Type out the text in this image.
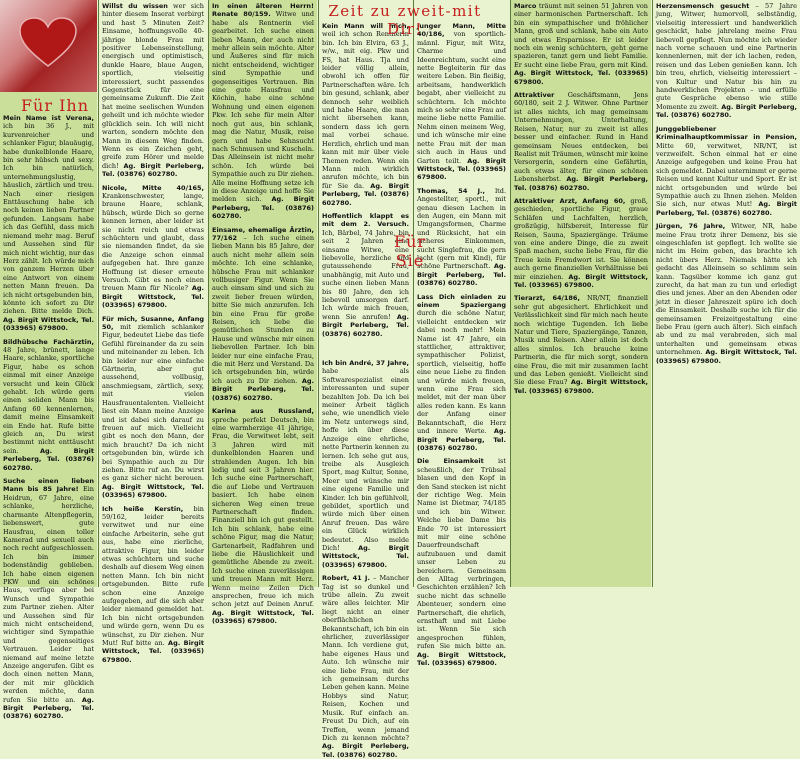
Mein Name ist Verena, ich bin 36 J., mit kurvenreicher und schlanker Figur, blauäugig, habe dunkelblonde Haare, bin sehr hübsch und sexy. Ich bin natürlich, unternehmungslustig, häuslich, zärtlich und treu. Nach einer riesigen Enttäuschung habe ich noch keinen lieben Partner gefunden. Langsam habe ich das Gefühl, dass mich niemand mehr mag. Beruf und Aussehen sind für mich nicht wichtig, nur das Herz zählt. Ich würde mich von ganzem Herzen über eine Antwort von einem netten Mann freuen. Da ich nicht ortsgebunden bin, könnte ich sofort zu Dir ziehen. Bitte melde Dich. Ag. Birgit Wittstock, Tel. (033965) 679800.
Bildhübsche Fachärztin, 48 Jahre, brünett, lange Haare, schlanke, sportliche Figur, habe es schon einmal mit einer Anzeige versucht und kein Glück gehabt. Ich würde gern einen soliden Mann bis Anfang 60 kennenlernen, damit meine Einsamkeit ein Ende hat. Rufe bitte gleich an, Du wirst bestimmt nicht enttäuscht sein. Ag. Birgit Perleberg, Tel. (03876) 602780.
Suche einen lieben Mann bis 85 Jahre! Ein Heidrun, 67 Jahre, eine schlanke, herzliche, charmante Altenpflegerin, liebenswert, gute Hausfrau, einen toller Kamerad und sexuell auch noch recht aufgeschlossen. Ich bin immer bodenständig geblieben. Ich habe einen eigenen PKW und ein schönes Haus, verfüge aber bei Wunsch und Sympathie zum Partner ziehen. Alter und Aussehen sind für mich nicht entscheidend, wichtiger sind Sympathie und gegenseitiges Vertrauen. Leider hat niemand auf meine letzte Anzeige angerufen. Gibt es doch einen netten Mann, der mit mir glücklich werden möchte, dann rufen Sie bitte an. Ag. Birgit Perleberg, Tel. (03876) 602780.
Für Ihn
Willst du wissen wer sich hinter diesem Inserat verbirgt und hast 5 Minuten Zeit? Einsame, hoffnungsvolle 40-jährige blonde Frau mit positiver Lebenseinstellung, energisch und optimistisch, dunkle Haare, blaue Augen, sportlich, vielseitig interessiert, sucht passendes Gegenstück für eine gemeinsame Zukunft. Die Zeit hat meine seelischen Wunden geheilt und ich möchte wieder glücklich sein. Ich will nicht warten, sondern möchte den Mann in diesem Weg finden. Wenn es ein Zeichen geht, greife zum Hörer und melde dich! Ag. Birgit Perleberg, Tel. (03876) 602780.
Nicole, Mitte 40/165, Krankenschwester, lange, braune Haare, schlank, hübsch, würde Dich so gerne kennen lernen, aber leider ist sie nicht reich und etwas schüchtern und glaubt, dass sie niemanden findet, da sie die Anzeige schon einmal aufgegeben hat. Ihre ganze Hoffnung ist dieser erneute Versuch. Gibt es noch einen treuen Mann für Nicole? Ag. Birgit Wittstock, Tel. (033965) 679800.
Für mich, Susanne, Anfang 50, mit ziemlich schlanker Figur, bedeutet Liebe das tiefe Gefühl füreinander da zu sein und miteinander zu leben. Ich bin leider nur eine einfache Gärtnerin, aber gut aussehend, vollbusig, anschmiegsam, zärtlich, sexy, mit vielen Hausfrauentalenten. Vielleicht liest ein Mann meine Anzeige und ist dabei sich darauf zu freuen auf mich. Vielleicht gibt es noch den Mann, der mich braucht? Da ich nicht ortsgebunden bin, würde ich bei Sympathie auch zu Dir ziehen. Bitte ruf an. Du wirst es ganz sicher nicht bereuen. Ag. Birgit Wittstock, Tel. (033965) 679800.
Ich heiße Kerstin, bin 59/162, leider bereits verwitwet und nur eine einfache Arbeiterin, sehe gut aus, habe eine zierliche, attraktive Figur, bin leider etwas schüchtern und suche deshalb auf diesem Weg einen netten Mann. Ich bin nicht ortsgebunden. Bitte rufe schon eine Anzeige aufgegeben, auf die sich aber leider niemand gemeldet hat. Ich bin nicht ortsgebunden und würde gern, wenn Du es wünschst, zu Dir ziehen. Nur Mut! Ruf bitte an. Ag. Birgit Wittstock, Tel. (033965) 679800.
In einen älteren Herrn! Renate 80/159. Witwe und habe als Rentnerin viel gearbeitet. Ich suche einen lieben Mann, der auch nicht mehr allein sein möchte. Alter und Äußeres sind für mich nicht entscheidend, wichtiger sind Sympathie und gegenseitiges Vertrauen. Bin eine gute Hausfrau und Köchin, habe eine schöne Wohnung und einen eigenen Pkw. Ich sehe für mein Alter noch gut aus, bin schlank, mag die Natur, Musik, reise gern und habe Sehnsucht nach Schmusen und Kuscheln. Das Alleinsein ist nicht mehr schön. Ich würde bei Sympathie auch zu Dir ziehen. Alle meine Hoffnung setze ich in diese Anzeige und hoffe Sie melden sich. Ag. Birgit Perleberg, Tel. (03876) 602780.
Einsame, ehemalige Ärztin, 77/162 – Ich suche einen lieben Mann bis 85 Jahre, der auch nicht mehr allein sein möchte. Ich eine schlanke, hübsche Frau mit schlanker vollbusiger Figur. Wenn Sie auch einsam sind und sich zu zweit lieber freuen würden, bitte Sie mich anzurufen. Ich bin eine Frau für große Reisen, ich liebe die gemütlichen Stunden zu Hause und wünsche mir einen liebevollen Partner. Ich bin leider nur eine einfache Frau, die mit Herz und Verstand. Da ich ortsgebunden bin, würde ich auch zu Dir ziehen. Ag. Birgit Perleberg, Tel. (03876) 602780.
Karina aus Russland, spreche perfekt Deutsch, bin eine warmherzige 41 jährige, Frau, die Verwitwet lebt, seit 3 Jahren wird mit dunkelblonden Haaren und strahlenden Augen. Ich bin ledig und seit 3 Jahren hier. Ich suche eine Partnerschaft, die auf Liebe und Vertrauen basiert. Ich habe einen sicheren Weg einen treue Partnerschaft finden. Finanziell bin ich gut gestellt. Ich bin schlank, habe eine schöne Figur, mag die Natur, Gartenarbeit, Radfahren und liebe die Häuslichkeit und gemütliche Abende zu zweit. Ich suche einen zuverlässigen und treuen Mann mit Herz. Wenn meine Zeilen Dich ansprechen, freue ich mich schon jetzt auf Deinen Anruf. Ag. Birgit Wittstock, Tel. (033965) 679800.
Kein Mann will mich, weil ich schon Rentnerin bin. Ich bin Elvira, 63 J., w/w., mit eig. Pkw und FS, hat Haus. Tja und leider völlig allein, obwohl ich offen für Partnerschaften wäre. Ich bin gesund, schlank, aber dennoch sehr weiblich und habe Haare, die man nicht übersehen kann, sondern dass ich gern mal vorbei schaue. Herzlich, ehrlich und man kann mit mir über viele Themen reden. Wenn ein Mann mich wirklich anrufen möchte, ich bin für Sie da. Ag. Birgit Perleberg, Tel. (03876) 602780.
Hoffentlich klappt es mit dem 2. Versuch. Ich, Bärbel, 74 Jahre, bin seit 2 Jahren eine einsame Witwe, eine liebevolle, herzliche und gutaussehende Frau, unabhängig, mit Auto und suche einen lieben Mann bis 80 Jahre, den ich liebevoll umsorgen darf. Ich würde mich freuen, wenn Sie anrufen! Ag. Birgit Perleberg, Tel. (03876) 602780.
Ich bin André, 37 Jahre, habe als Softwarespezialist einen interessanten und super bezahlten Job. Da ich bei meiner Arbeit täglich sehe, wie unendlich viele im Netz unterwegs sind, hoffe ich über diese Anzeige eine ehrliche, nette Partnerin kennen zu lernen. Ich sehe gut aus, treibe als Ausgleich Sport, mag Kultur, Sonne, Meer und wünsche mir eine eigene Familie und Kinder. Ich bin gefühlvoll, gebildet, sportlich und würde mich über einen Anruf freuen. Das wäre ein Glück wirklich bedeutet. Also melde Dich! Ag. Birgit Wittstock, Tel. (033965) 679800.
Robert, 41 J. – Mancher Tag ist so dunkel und trübe allein. Zu zweit wäre alles leichter. Mir liegt nicht an einer oberflächlichen Bekanntschaft, ich bin ein ehrlicher, zuverlässiger Mann. Ich verdiene gut, habe eigenes Haus und Auto. Ich wünsche mir eine liebe Frau, mit der ich gemeinsam durchs Leben gehen kann. Meine Hobbys sind Natur, Reisen, Kochen und Musik. Ruf einfach an. Freust Du Dich, auf ein Treffen, wenn jemand Dich zu kennen möchte? Ag. Birgit Perleberg, Tel. (03876) 602780.
Junger Mann, Mitte 40/186, von sportlich-männl. Figur, mit Witz, Charme und Ideenreichtum, sucht eine nette Begleiterin für das weitere Leben. Bin fleißig, arbeitsam, handwerklich begabt, aber vielleicht zu schüchtern. Ich möchte mich so sehr eine Frau auf meine liebe nette Familie. Nehm einen meinem Weg, und ich wünsche mir eine nette Frau mit der man sich auch in Haus und Garten teilt. Ag. Birgit Wittstock, Tel. (033965) 679800.
Thomas, 54 J., ltd. Angestellter, sportl., mit genau diesen Lachen in den Augen, ein Mann mit Umgangsformen, Charme und Rücksicht, hat ein sicheres Einkommen, sucht Singlefrau, die gern lacht (gern mit Kind), für schöne Partnerschaft. Ag. Birgit Perleberg, Tel. (03876) 602780.
Lass Dich einladen zu einem Spaziergang durch die schöne Natur, vielleicht entdecken wir dabei noch mehr! Mein Name ist 47 Jahre, ein stattlicher, attraktiver, sympathischer Polizist, sportlich, vielseitig, hoffe eine neue Liebe zu finden und würde mich freuen, wenn eine Frau sich meldet, mit der man über alles reden kann. Es kann der Anfang einer Bekanntschaft, die Herz und innere Werte. Ag. Birgit Perleberg, Tel. (03876) 602780.
Die Einsamkeit ist scheußlich, der Trübsal blasen und den Kopf in den Sand stecken ist nicht der richtige Weg. Mein Name ist Dietmar, 74/185 und ich bin Witwer. Welche liebe Dame bis Ende 70 ist interessiert mit mir eine schöne Dauerfreundschaft aufzubauen und damit unser Leben zu bereichern. Gemeinsam den Alltag verbringen, Geschichten erzählen? Ich suche nicht das schnelle Abenteuer, sondern eine Partnerschaft, die ehrlich, ernsthaft und mit Liebe ist. Wenn Sie sich angesprochen fühlen, rufen Sie mich bitte an. Ag. Birgit Wittstock, Tel. (033965) 679800.
Zeit zu zweit-mit Dir!
Für Sie
Marco träumt mit seinen 51 Jahren von einer harmonischen Partnerschaft. Ich bin ein sympathischer und fröhlicher Mann, groß und schlank, habe ein Auto und etwas Ersparnisse. Er ist leider noch ein wenig schüchtern, geht gerne spazieren, tanzt gern und liebt Familie. Er sucht eine liebe Frau, gern mit Kind. Ag. Birgit Wittstock, Tel. (033965) 679800.
Attraktiver Geschäftsmann, Jens 60/180, seit 2 J. Witwer. Ohne Partner ist alles nichts, ich mag gemeinsam Unternehmungen, Unterhaltung, Reisen, Natur, nur zu zweit ist alles besser und einfacher. Rund in Hand gemeinsam Neues entdecken, bei Realist mit Träumen, wünscht mir keine Versorgerin, sondern eine Gefährtin, auch etwas älter, für einen schönen Lebensherbst. Ag. Birgit Perleberg, Tel. (03876) 602780.
Attraktiver Arzt, Anfang 60, groß, geschieden, sportliche Figur, graue Schläfen und Lachfalten, herzlich, großzügig, hilfsbereit, Interesse für Reisen, Sauna, Spaziergänge. Träume von eine andere Dinge, die zu zweit Spaß machen, suche liebe Frau, für die Treue kein Fremdwort ist. Sie können auch gerne finanziellen Verhältnisse bei mir einziehen. Ag. Birgit Wittstock, Tel. (033965) 679800.
Tierarzt, 64/186, NR/NT, finanziell sehr gut abgesichert. Ehrlichkeit und Verlässlichkeit sind für mich nach heute noch wichtige Tugenden. Ich liebe Natur und Tiere, Spaziergänge, Tanzen, Musik und Reisen. Aber allein ist doch alles sinnlos. Ich brauche keine Partnerin, die für mich sorgt, sondern eine Frau, die mit mir zusammen lacht und das Leben genießt. Vielleicht sind Sie diese Frau? Ag. Birgit Wittstock, Tel. (033965) 679800.
Herzensmensch gesucht – 57 Jahre jung, Witwer, humorvoll, selbständig, vielseitig interessiert und handwerklich geschickt, habe jahrelang meine Frau liebevoll gepflegt. Nun möchte ich wieder nach vorne schauen und eine Partnerin kennenlernen, mit der ich lachen, reden, reisen und das Leben genießen kann. Ich bin treu, ehrlich, vielseitig interessiert – von Kultur und Natur bis hin zu handwerklichen Projekten – und erfülle gute Gespräche ebenso wie stille Momente zu zweit. Ag. Birgit Perleberg, Tel. (03876) 602780.
Junggebliebener Kriminalhauptkommissar in Pension, Mitte 60, verwitwet, NR/NT, ist verzweifelt. Schon einmal hat er eine Anzeige aufgegeben und keine Frau hat sich gemeldet. Dabei unternimmt er gerne Reisen und kennt Kultur und Sport. Er ist nicht ortsgebunden und würde bei Sympathie auch zu Ihnen ziehen. Melden Sie sich, nur etwas Mut! Ag. Birgit Perleberg, Tel. (03876) 602780.
Jürgen, 76 Jahre, Witwer, NR, habe meine Frau trotz ihrer Demenz, bis sie eingeschlafen ist gepflegt. Ich wollte sie nicht im Heim geben, das brachte ich nicht übers Herz. Niemals hätte ich gedacht das Alleinsein so schlimm sein kann. Tagsüber komme ich ganz gut zurecht, da hat man zu tun und erledigt dies und jenes. Aber an den Abenden oder jetzt in dieser Jahreszeit spüre ich doch die Einsamkeit. Deshalb suche ich für die gemeinsamen Freizeitgestaltung eine liebe Frau (gern auch älter). Sich einfach ab und zu mal verabreden, sich mal unterhalten und gemeinsam etwas unternehmen. Ag. Birgit Wittstock, Tel. (033965) 679800.
